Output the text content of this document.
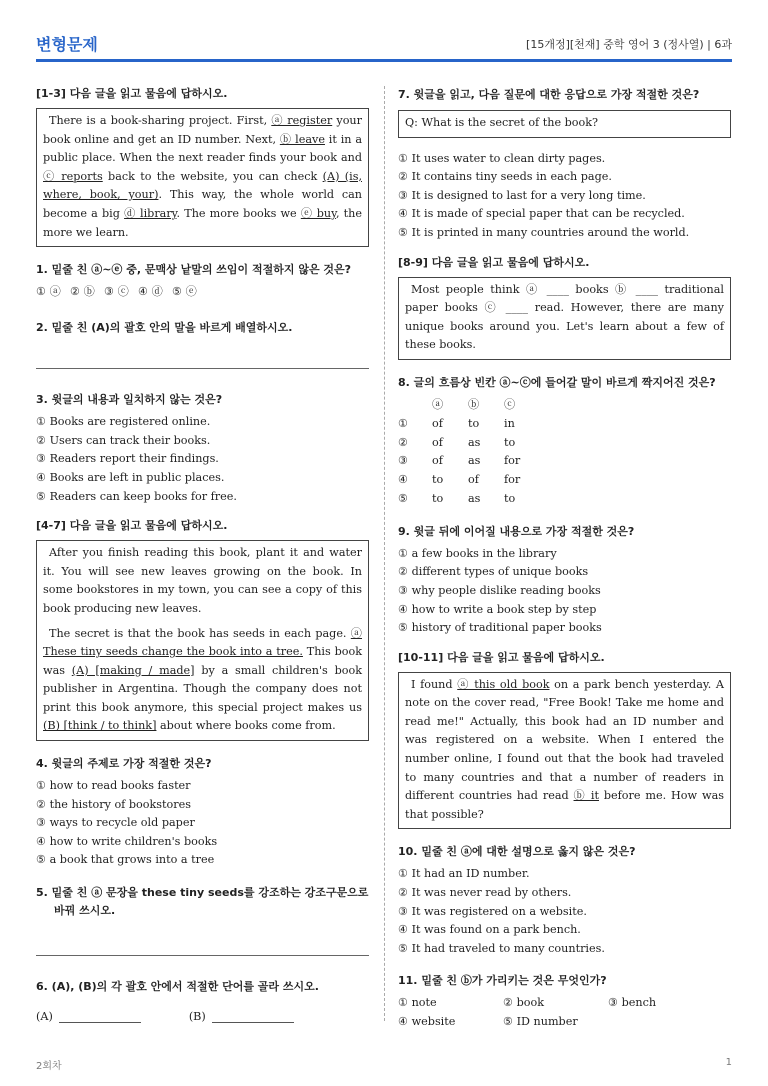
변형문제	[15개정][천재] 중학 영어 3 (정사열) | 6과
[1-3] 다음 글을 읽고 물음에 답하시오.

There is a book-sharing project. First, ⓐ register your book online and get an ID number. Next, ⓑ leave it in a public place. When the next reader finds your book and ⓒ reports back to the website, you can check (A) (is, where, book, your). This way, the whole world can become a big ⓓ library. The more books we ⓔ buy, the more we learn.

1. 밑줄 친 ⓐ~ⓔ 중, 문맥상 낱말의 쓰임이 적절하지 않은 것은?
① ⓐ ② ⓑ ③ ⓒ ④ ⓓ ⑤ ⓔ
2. 밑줄 친 (A)의 괄호 안의 말을 바르게 배열하시오.
3. 윗글의 내용과 일치하지 않는 것은?

① Books are registered online.

② Users can track their books.

③ Readers report their findings.

④ Books are left in public places.

⑤ Readers can keep books for free.

[4-7] 다음 글을 읽고 물음에 답하시오.

After you finish reading this book, plant it and water it. You will see new leaves growing on the book. In some bookstores in my town, you can see a copy of this book producing new leaves.

The secret is that the book has seeds in each page. ⓐ These tiny seeds change the book into a tree. This book was (A) [making / made] by a small children's book publisher in Argentina. Though the company does not print this book anymore, this special project makes us (B) [think / to think] about where books come from.

4. 윗글의 주제로 가장 적절한 것은?

① how to read books faster

② the history of bookstores

③ ways to recycle old paper

④ how to write children's books

⑤ a book that grows into a tree

5. 밑줄 친 ⓐ 문장을 these tiny seeds를 강조하는 강조구문으로
바꿔 쓰시오.
6. (A), (B)의 각 괄호 안에서 적절한 단어를 골라 쓰시오.
(A)	(B)
7. 윗글을 읽고, 다음 질문에 대한 응답으로 가장 적절한 것은?

Q: What is the secret of the book?

① It uses water to clean dirty pages.

② It contains tiny seeds in each page.

③ It is designed to last for a very long time.

④ It is made of special paper that can be recycled.

⑤ It is printed in many countries around the world.

[8-9] 다음 글을 읽고 물음에 답하시오.

Most people think ⓐ ____ books ⓑ ____ traditional paper books ⓒ ____ read. However, there are many unique books around you. Let's learn about a few of these books.

8. 글의 흐름상 빈칸 ⓐ~ⓒ에 들어갈 말이 바르게 짝지어진 것은?
ⓐ	ⓑ	ⓒ
①	of	to	in
②	of	as	to
③	of	as	for
④	to	of	for
⑤	to	as	to
9. 윗글 뒤에 이어질 내용으로 가장 적절한 것은?

① a few books in the library

② different types of unique books

③ why people dislike reading books

④ how to write a book step by step

⑤ history of traditional paper books

[10-11] 다음 글을 읽고 물음에 답하시오.

I found ⓐ this old book on a park bench yesterday. A note on the cover read, "Free Book! Take me home and read me!" Actually, this book had an ID number and was registered on a website. When I entered the number online, I found out that the book had traveled to many countries and that a number of readers in different countries had read ⓑ it before me. How was that possible?

10. 밑줄 친 ⓐ에 대한 설명으로 옳지 않은 것은?

① It had an ID number.

② It was never read by others.

③ It was registered on a website.

④ It was found on a park bench.

⑤ It had traveled to many countries.

11. 밑줄 친 ⓑ가 가리키는 것은 무엇인가?
① note	② book	③ bench
④ website	⑤ ID number
2회차	1
